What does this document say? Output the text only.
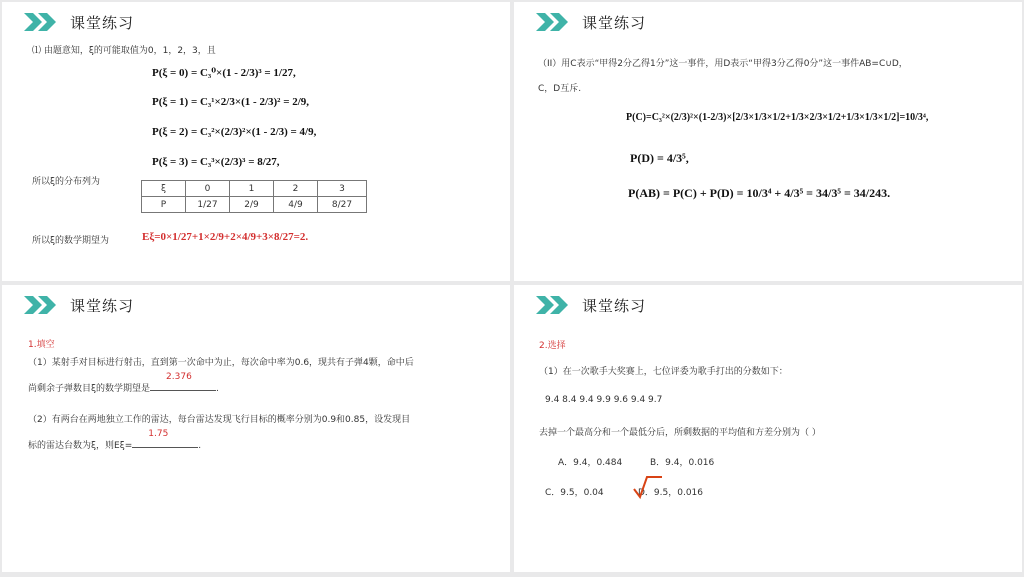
课堂练习
⑴ 由题意知，ξ的可能取值为0，1，2，3，且
P(ξ = 0) = C₃⁰×(1 - 2/3)³ = 1/27,
P(ξ = 1) = C₃¹×2/3×(1 - 2/3)² = 2/9,
P(ξ = 2) = C₃²×(2/3)²×(1 - 2/3) = 4/9,
P(ξ = 3) = C₃³×(2/3)³ = 8/27,
所以ξ的分布列为
ξ	0	1	2	3
P	1/27	2/9	4/9	8/27
所以ξ的数学期望为	Eξ=0×1/27+1×2/9+2×4/9+3×8/27=2.
课堂练习
（II）用C表示“甲得2分乙得1分”这一事件，用D表示“甲得3分乙得0分”这一事件AB=C∪D，
C，D互斥.
P(C)=C₃²×(2/3)²×(1-2/3)×[2/3×1/3×1/2+1/3×2/3×1/2+1/3×1/3×1/2]=10/3⁴,
P(D) = 4/3⁵,
P(AB) = P(C) + P(D) = 10/3⁴ + 4/3⁵ = 34/3⁵ = 34/243.
课堂练习
1.填空
（1）某射手对目标进行射击，直到第一次命中为止，每次命中率为0.6，现共有子弹4颗，命中后
尚剩余子弹数目ξ的数学期望是
2.376
.
（2）有两台在两地独立工作的雷达，每台雷达发现飞行目标的概率分别为0.9和0.85，设发现目
标的雷达台数为ξ，则Eξ=
1.75
.
课堂练习
2.选择
（1）在一次歌手大奖赛上，七位评委为歌手打出的分数如下：
9.4 8.4 9.4 9.9 9.6 9.4 9.7
去掉一个最高分和一个最低分后，所剩数据的平均值和方差分别为（ ）
A．9.4，0.484	B．9.4，0.016
C．9.5，0.04	D．9.5，0.016
